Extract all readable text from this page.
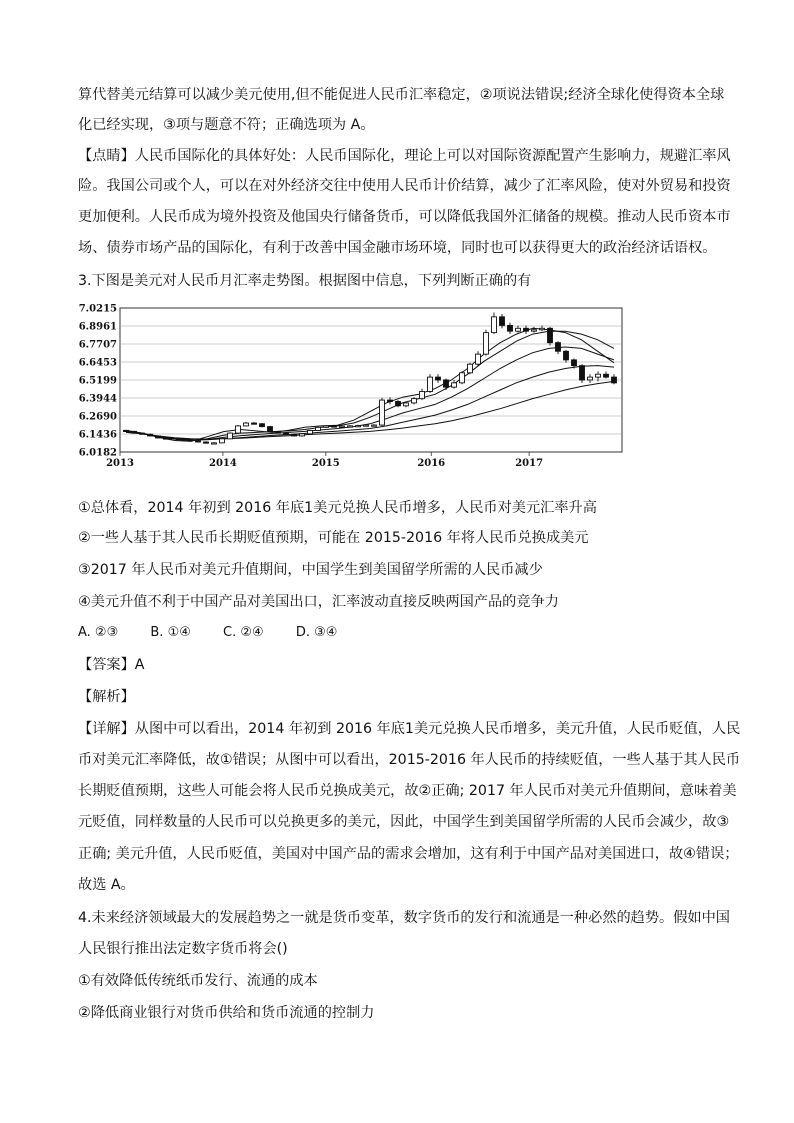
算代替美元结算可以减少美元使用,但不能促进人民币汇率稳定，②项说法错误;经济全球化使得资本全球
化已经实现，③项与题意不符；正确选项为 A。
【点睛】人民币国际化的具体好处：人民币国际化，理论上可以对国际资源配置产生影响力，规避汇率风
险。我国公司或个人，可以在对外经济交往中使用人民币计价结算，减少了汇率风险，使对外贸易和投资
更加便利。人民币成为境外投资及他国央行储备货币，可以降低我国外汇储备的规模。推动人民币资本市
场、债券市场产品的国际化，有利于改善中国金融市场环境，同时也可以获得更大的政治经济话语权。
3.下图是美元对人民币月汇率走势图。根据图中信息，下列判断正确的有
7.0215
6.8961
6.7707
6.6453
6.5199
6.3944
6.2690
6.1436
6.0182
2013	2014	2015	2016	2017
①总体看，2014 年初到 2016 年底1美元兑换人民币增多，人民币对美元汇率升高
②一些人基于其人民币长期贬值预期，可能在 2015-2016 年将人民币兑换成美元
③2017 年人民币对美元升值期间，中国学生到美国留学所需的人民币减少
④美元升值不利于中国产品对美国出口，汇率波动直接反映两国产品的竞争力
A. ②③ B. ①④ C. ②④ D. ③④
【答案】A
【解析】
【详解】从图中可以看出，2014 年初到 2016 年底1美元兑换人民币增多，美元升值，人民币贬值，人民
币对美元汇率降低，故①错误；从图中可以看出，2015-2016 年人民币的持续贬值，一些人基于其人民币
长期贬值预期，这些人可能会将人民币兑换成美元，故②正确; 2017 年人民币对美元升值期间，意味着美
元贬值，同样数量的人民币可以兑换更多的美元，因此，中国学生到美国留学所需的人民币会减少，故③
正确; 美元升值，人民币贬值，美国对中国产品的需求会增加，这有利于中国产品对美国进口，故④错误；
故选 A。
4.未来经济领域最大的发展趋势之一就是货币变革，数字货币的发行和流通是一种必然的趋势。假如中国
人民银行推出法定数字货币将会()
①有效降低传统纸币发行、流通的成本
②降低商业银行对货币供给和货币流通的控制力
